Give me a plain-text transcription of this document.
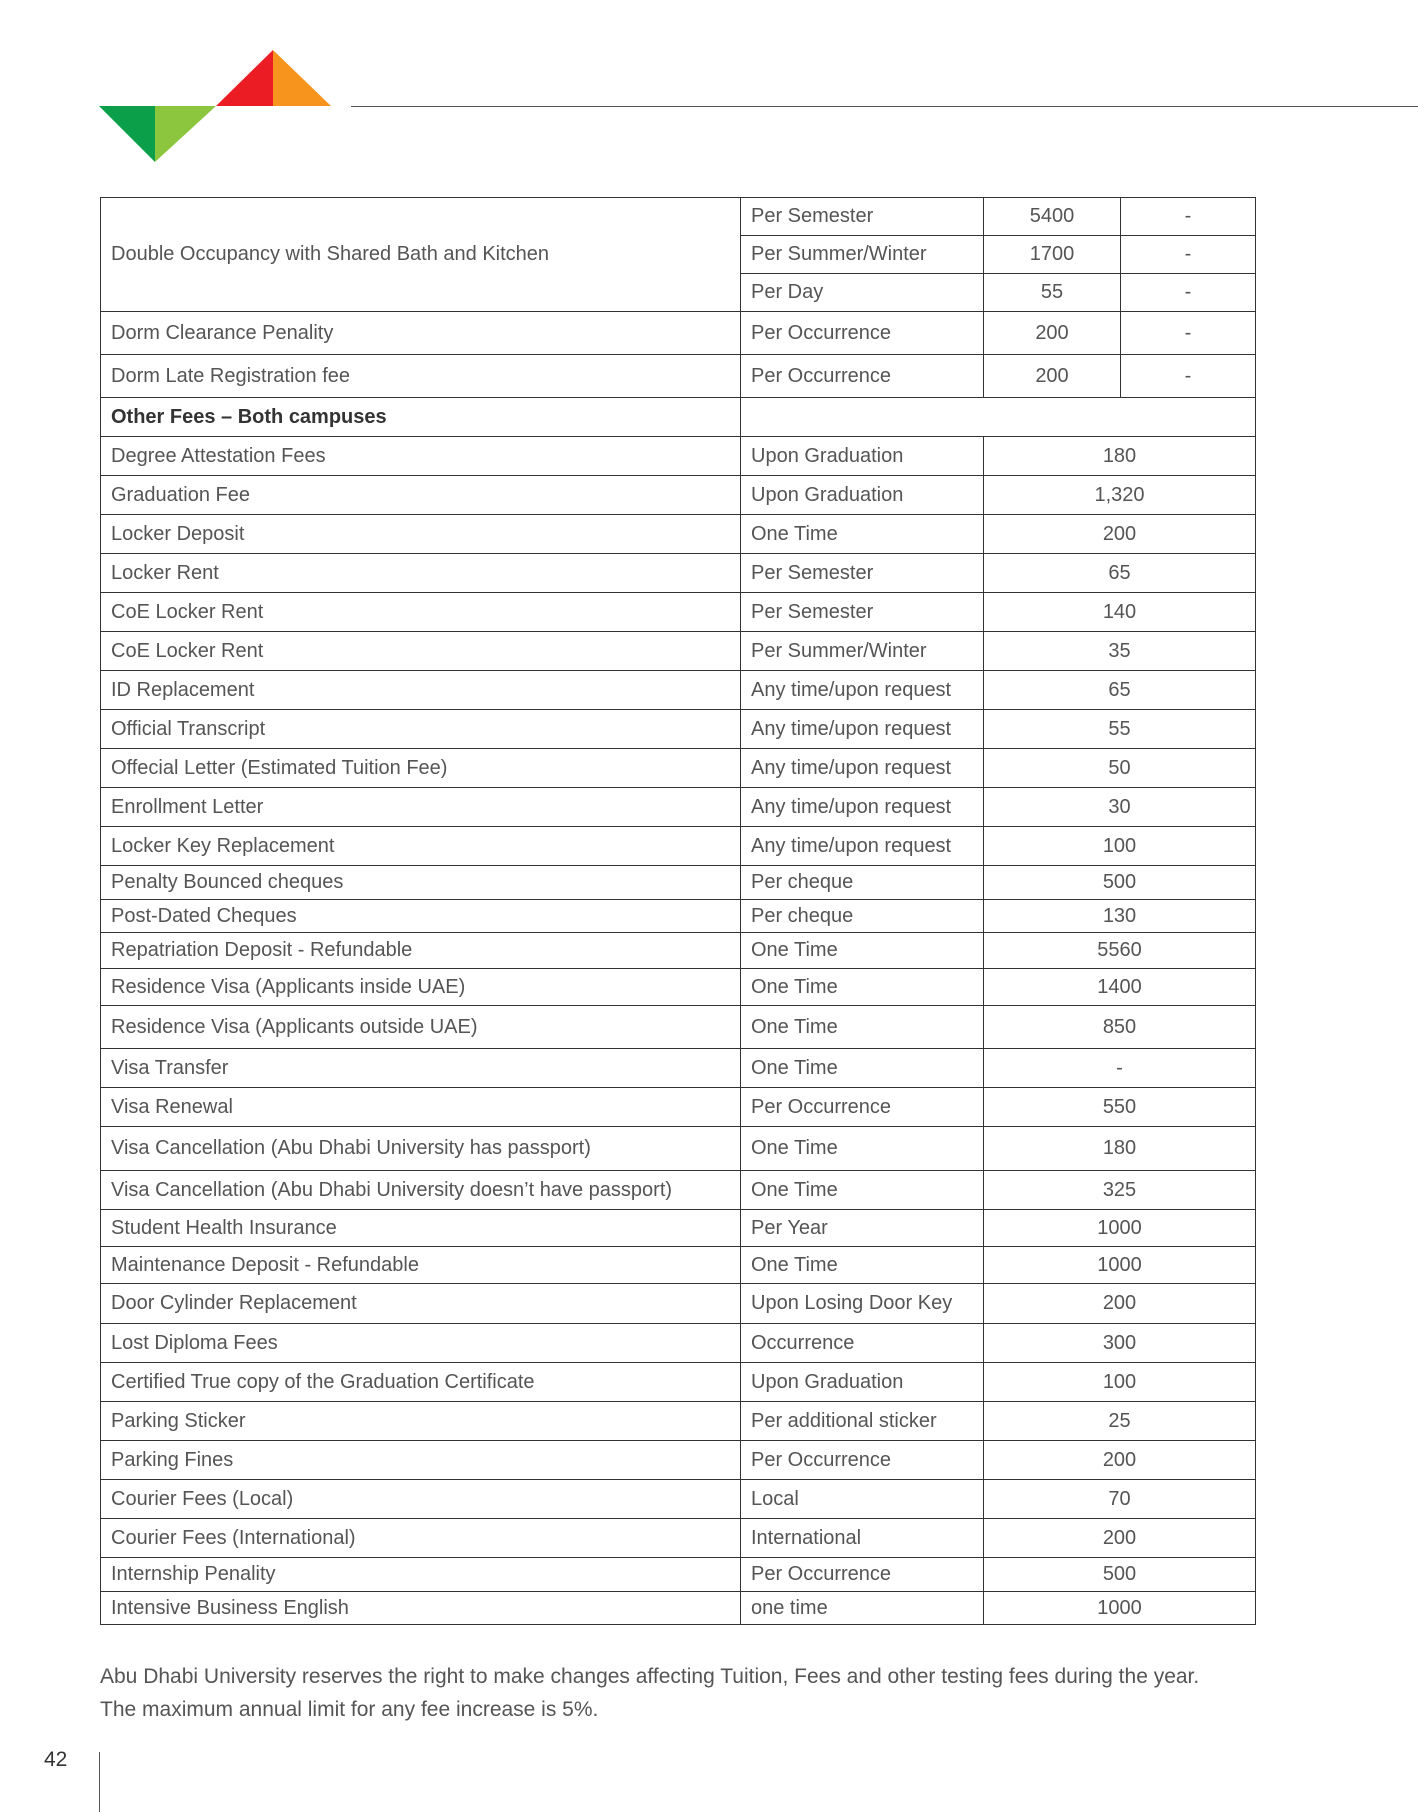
Double Occupancy with Shared Bath and Kitchen	Per Semester	5400	-
	Per Summer/Winter	1700	-
	Per Day	55	-
Dorm Clearance Penality	Per Occurrence	200	-
Dorm Late Registration fee	Per Occurrence	200	-
Other Fees – Both campuses			
Degree Attestation Fees	Upon Graduation	180	
Graduation Fee	Upon Graduation	1,320	
Locker Deposit	One Time	200	
Locker Rent	Per Semester	65	
CoE Locker Rent	Per Semester	140	
CoE Locker Rent	Per Summer/Winter	35	
ID Replacement	Any time/upon request	65	
Official Transcript	Any time/upon request	55	
Offecial Letter (Estimated Tuition Fee)	Any time/upon request	50	
Enrollment Letter	Any time/upon request	30	
Locker Key Replacement	Any time/upon request	100	
Penalty Bounced cheques	Per cheque	500	
Post-Dated Cheques	Per cheque	130	
Repatriation Deposit - Refundable	One Time	5560	
Residence Visa (Applicants inside UAE)	One Time	1400	
Residence Visa (Applicants outside UAE)	One Time	850	
Visa Transfer	One Time	-	
Visa Renewal	Per Occurrence	550	
Visa Cancellation (Abu Dhabi University has passport)	One Time	180	
Visa Cancellation (Abu Dhabi University doesn’t have passport)	One Time	325	
Student Health Insurance	Per Year	1000	
Maintenance Deposit - Refundable	One Time	1000	
Door Cylinder Replacement	Upon Losing Door Key	200	
Lost Diploma Fees	Occurrence	300	
Certified True copy of the Graduation Certificate	Upon Graduation	100	
Parking Sticker	Per additional sticker	25	
Parking Fines	Per Occurrence	200	
Courier Fees (Local)	Local	70	
Courier Fees (International)	International	200	
Internship Penality	Per Occurrence	500	
Intensive Business English	one time	1000	
Abu Dhabi University reserves the right to make changes affecting Tuition, Fees and other testing fees during the year.
The maximum annual limit for any fee increase is 5%.
42
